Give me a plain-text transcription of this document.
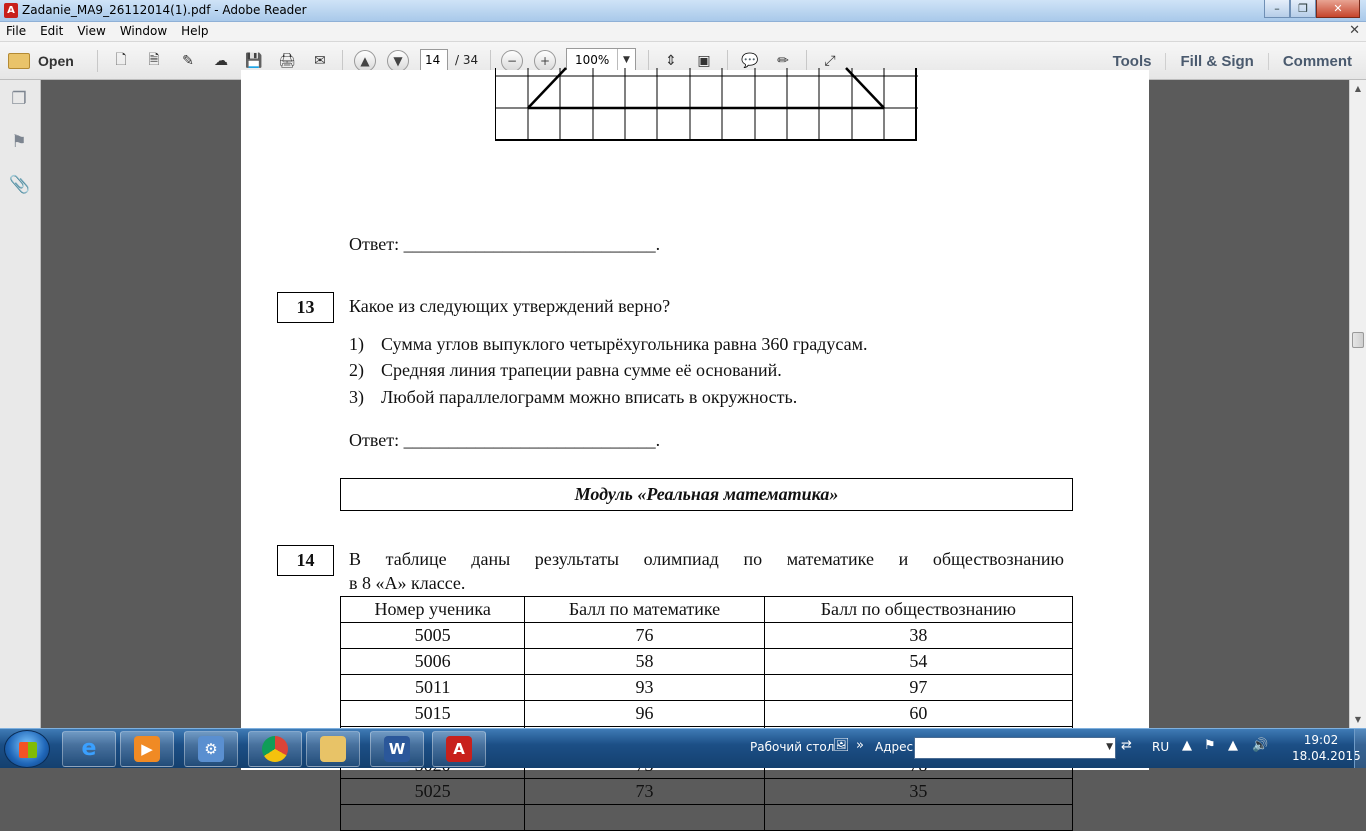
A Zadanie_MA9_26112014(1).pdf - Adobe Reader	–	❐	✕
File Edit View Window Help	✕
Open	🗋	🗎	✎	☁	💾 🖨	✉	▲	▼	−	+	⇕	▣	💬	✏	⤢
14	/ 34	100%	▼	Tools	Fill & Sign	Comment
❐
⚑
📎
Ответ: ____________________________.
13	Какое из следующих утверждений верно?
1) Сумма углов выпуклого четырёхугольника равна 360 градусам.
2) Средняя линия трапеции равна сумме её оснований.
3) Любой параллелограмм можно вписать в окружность.
Ответ: ____________________________.
Модуль «Реальная математика»
14	В таблице даны результаты олимпиад по математике и обществознанию
в 8 «А» классе.
Номер ученика	Балл по математике	Балл по обществознанию
5005	76	38
5006	58	54
5011	93	97
5015	96	60

5025	73	35

▲
▼
e	▶	⚙	W	A	Рабочий стол
🖼 » Адрес	▼ ⇄ RU ▲ ⚑ ▲ 🔊	19:02
18.04.2015
